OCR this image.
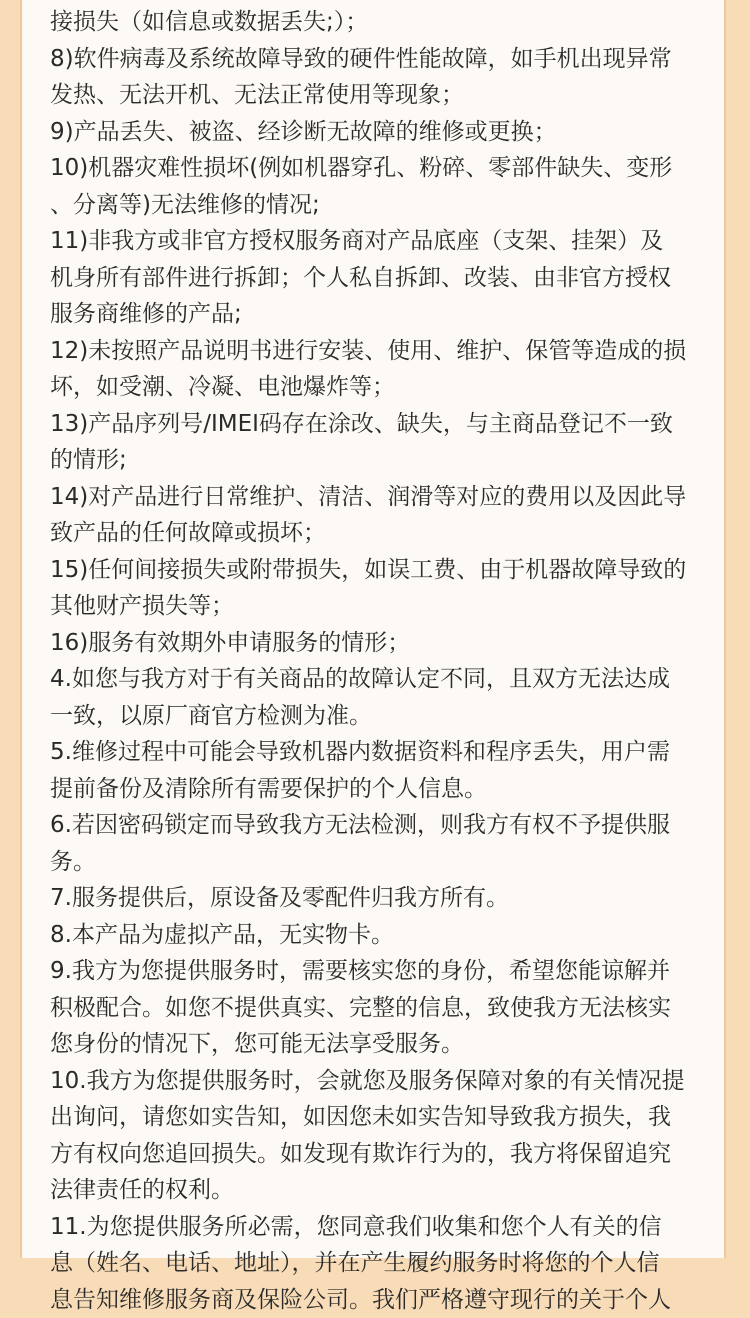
接损失（如信息或数据丢失;）；
8)软件病毒及系统故障导致的硬件性能故障，如手机出现异常
发热、无法开机、无法正常使用等现象；
9)产品丢失、被盗、经诊断无故障的维修或更换；
10)机器灾难性损坏(例如机器穿孔、粉碎、零部件缺失、变形
、分离等)无法维修的情况;
11)非我方或非官方授权服务商对产品底座（支架、挂架）及
机身所有部件进行拆卸；个人私自拆卸、改装、由非官方授权
服务商维修的产品;
12)未按照产品说明书进行安装、使用、维护、保管等造成的损
坏，如受潮、冷凝、电池爆炸等；
13)产品序列号/IMEI码存在涂改、缺失，与主商品登记不一致
的情形;
14)对产品进行日常维护、清洁、润滑等对应的费用以及因此导
致产品的任何故障或损坏；
15)任何间接损失或附带损失，如误工费、由于机器故障导致的
其他财产损失等；
16)服务有效期外申请服务的情形；
4.如您与我方对于有关商品的故障认定不同，且双方无法达成
一致，以原厂商官方检测为准。
5.维修过程中可能会导致机器内数据资料和程序丢失，用户需
提前备份及清除所有需要保护的个人信息。
6.若因密码锁定而导致我方无法检测，则我方有权不予提供服
务。
7.服务提供后，原设备及零配件归我方所有。
8.本产品为虚拟产品，无实物卡。
9.我方为您提供服务时，需要核实您的身份，希望您能谅解并
积极配合。如您不提供真实、完整的信息，致使我方无法核实
您身份的情况下，您可能无法享受服务。
10.我方为您提供服务时，会就您及服务保障对象的有关情况提
出询问，请您如实告知，如因您未如实告知导致我方损失，我
方有权向您追回损失。如发现有欺诈行为的，我方将保留追究
法律责任的权利。
11.为您提供服务所必需，您同意我们收集和您个人有关的信
息（姓名、电话、地址），并在产生履约服务时将您的个人信
息告知维修服务商及保险公司。我们严格遵守现行的关于个人
